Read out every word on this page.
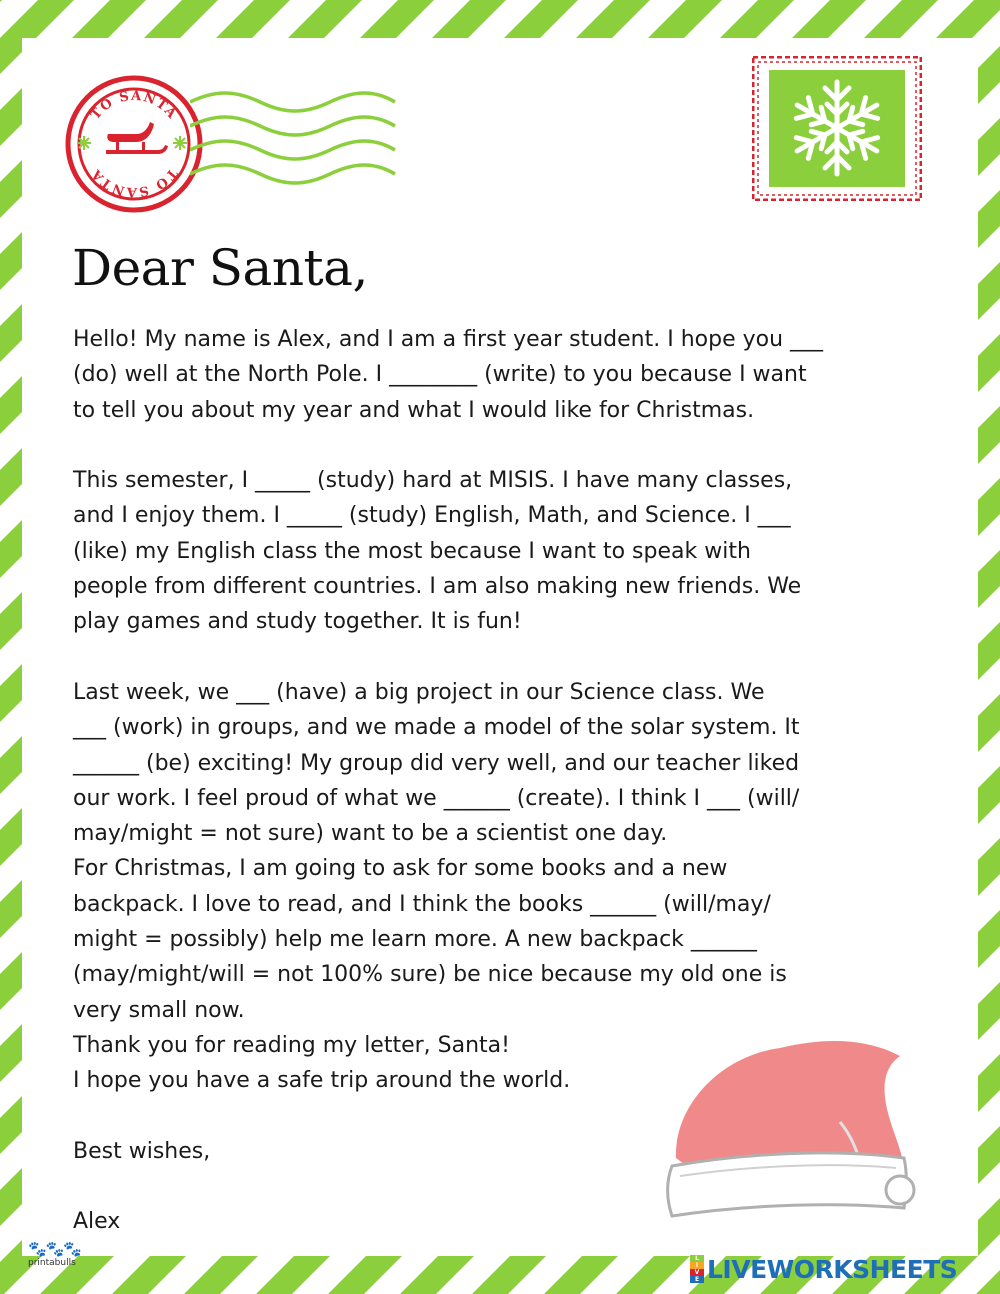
TO SANTA
TO SANTA
Dear Santa,
Hello! My name is Alex, and I am a first year student. I hope you ___
(do) well at the North Pole. I ________ (write) to you because I want
to tell you about my year and what I would like for Christmas.
This semester, I _____ (study) hard at MISIS. I have many classes,
and I enjoy them. I _____ (study) English, Math, and Science. I ___
(like) my English class the most because I want to speak with
people from different countries. I am also making new friends. We
play games and study together. It is fun!
Last week, we ___ (have) a big project in our Science class. We
___ (work) in groups, and we made a model of the solar system. It
______ (be) exciting! My group did very well, and our teacher liked
our work. I feel proud of what we ______ (create). I think I ___ (will/
may/might = not sure) want to be a scientist one day.
For Christmas, I am going to ask for some books and a new
backpack. I love to read, and I think the books ______ (will/may/
might = possibly) help me learn more. A new backpack ______
(may/might/will = not 100% sure) be nice because my old one is
very small now.
Thank you for reading my letter, Santa!
I hope you have a safe trip around the world.
Best wishes,
Alex
🐾🐾🐾
printabulls	L
I
V
E LIVEWORKSHEETS
